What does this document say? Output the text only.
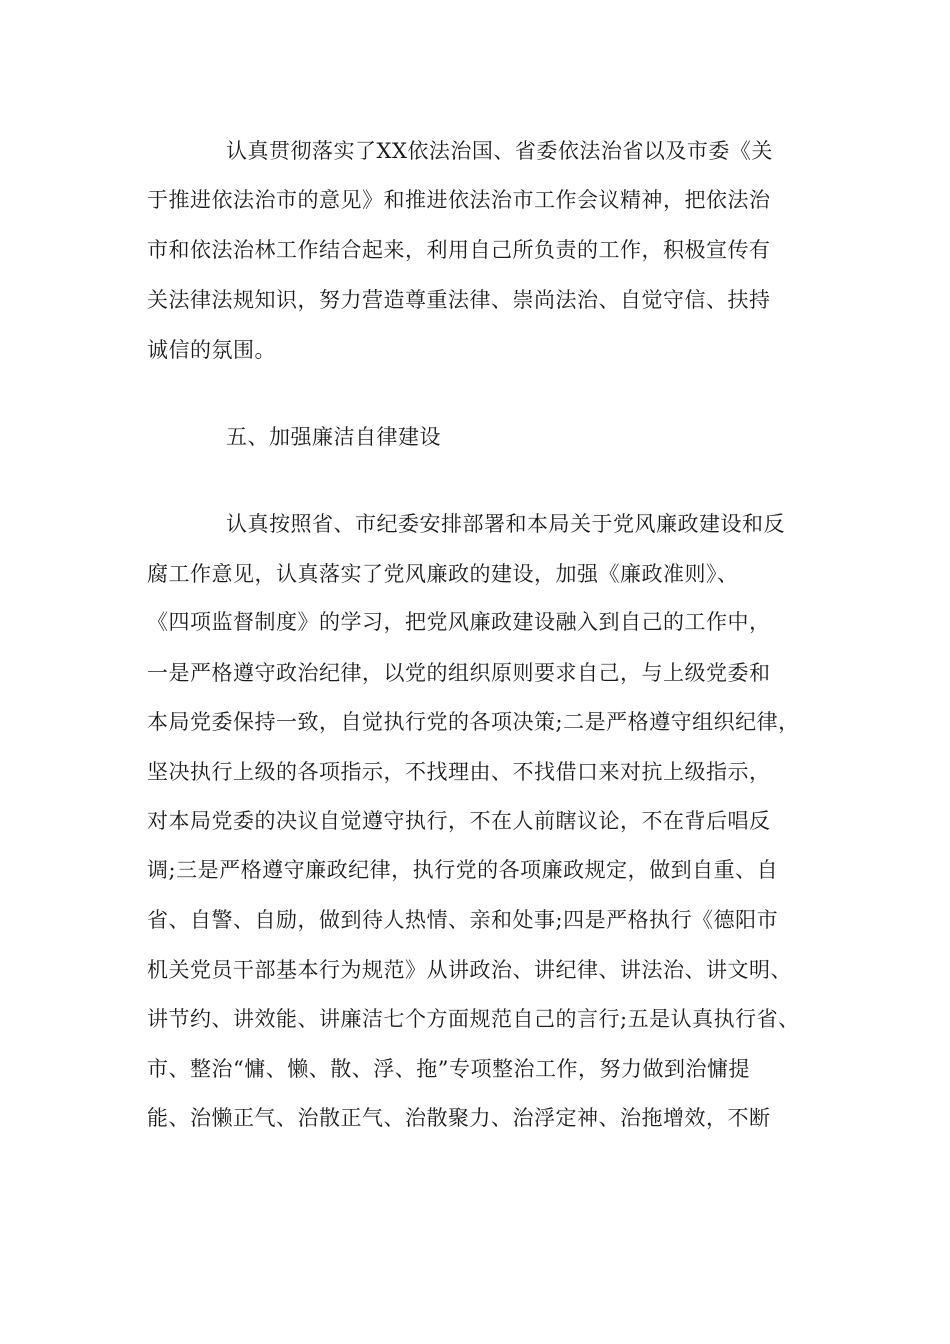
认真贯彻落实了XX依法治国、省委依法治省以及市委《关
于推进依法治市的意见》和推进依法治市工作会议精神，把依法治
市和依法治林工作结合起来，利用自己所负责的工作，积极宣传有
关法律法规知识，努力营造尊重法律、崇尚法治、自觉守信、扶持
诚信的氛围。
五、加强廉洁自律建设
认真按照省、市纪委安排部署和本局关于党风廉政建设和反
腐工作意见，认真落实了党风廉政的建设，加强《廉政准则》、
《四项监督制度》的学习，把党风廉政建设融入到自己的工作中，
一是严格遵守政治纪律，以党的组织原则要求自己，与上级党委和
本局党委保持一致，自觉执行党的各项决策;二是严格遵守组织纪律，
坚决执行上级的各项指示，不找理由、不找借口来对抗上级指示，
对本局党委的决议自觉遵守执行，不在人前瞎议论，不在背后唱反
调;三是严格遵守廉政纪律，执行党的各项廉政规定，做到自重、自
省、自警、自励，做到待人热情、亲和处事;四是严格执行《德阳市
机关党员干部基本行为规范》从讲政治、讲纪律、讲法治、讲文明、
讲节约、讲效能、讲廉洁七个方面规范自己的言行;五是认真执行省、
市、整治“慵、懒、散、浮、拖”专项整治工作，努力做到治慵提
能、治懒正气、治散正气、治散聚力、治浮定神、治拖增效，不断
